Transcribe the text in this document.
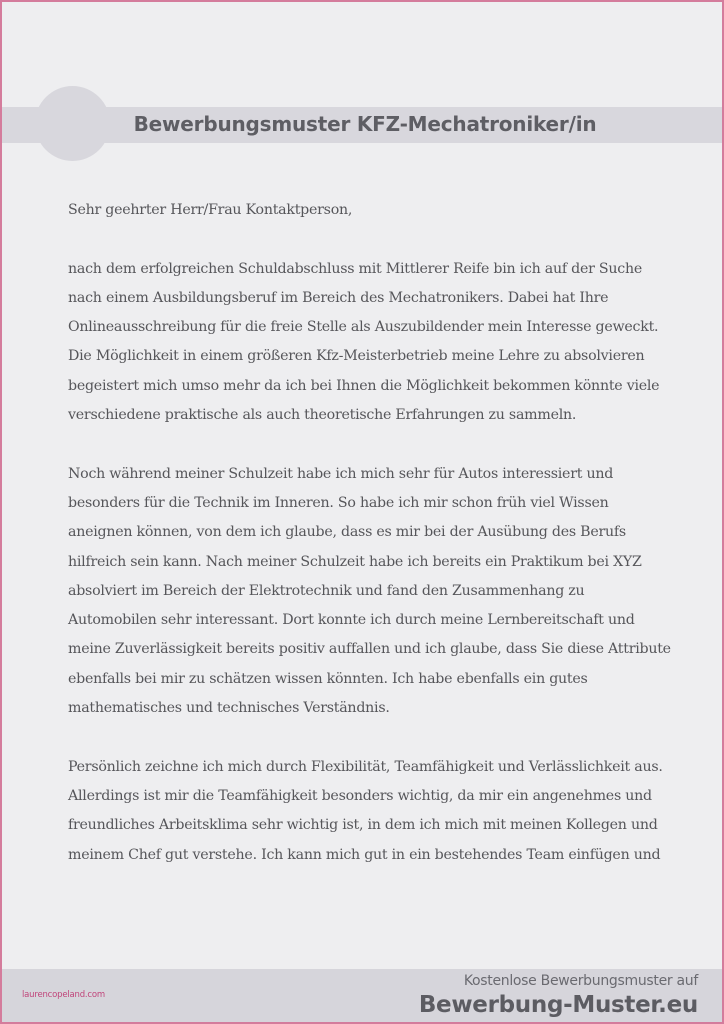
Bewerbungsmuster KFZ-Mechatroniker/in

Sehr geehrter Herr/Frau Kontaktperson,

nach dem erfolgreichen Schuldabschluss mit Mittlerer Reife bin ich auf der Suche

nach einem Ausbildungsberuf im Bereich des Mechatronikers. Dabei hat Ihre

Onlineausschreibung für die freie Stelle als Auszubildender mein Interesse geweckt.

Die Möglichkeit in einem größeren Kfz-Meisterbetrieb meine Lehre zu absolvieren

begeistert mich umso mehr da ich bei Ihnen die Möglichkeit bekommen könnte viele

verschiedene praktische als auch theoretische Erfahrungen zu sammeln.

Noch während meiner Schulzeit habe ich mich sehr für Autos interessiert und

besonders für die Technik im Inneren. So habe ich mir schon früh viel Wissen

aneignen können, von dem ich glaube, dass es mir bei der Ausübung des Berufs

hilfreich sein kann. Nach meiner Schulzeit habe ich bereits ein Praktikum bei XYZ

absolviert im Bereich der Elektrotechnik und fand den Zusammenhang zu

Automobilen sehr interessant. Dort konnte ich durch meine Lernbereitschaft und

meine Zuverlässigkeit bereits positiv auffallen und ich glaube, dass Sie diese Attribute

ebenfalls bei mir zu schätzen wissen könnten. Ich habe ebenfalls ein gutes

mathematisches und technisches Verständnis.

Persönlich zeichne ich mich durch Flexibilität, Teamfähigkeit und Verlässlichkeit aus.

Allerdings ist mir die Teamfähigkeit besonders wichtig, da mir ein angenehmes und

freundliches Arbeitsklima sehr wichtig ist, in dem ich mich mit meinen Kollegen und

meinem Chef gut verstehe. Ich kann mich gut in ein bestehendes Team einfügen und

laurencopeland.com
Kostenlose Bewerbungsmuster auf
Bewerbung-Muster.eu
